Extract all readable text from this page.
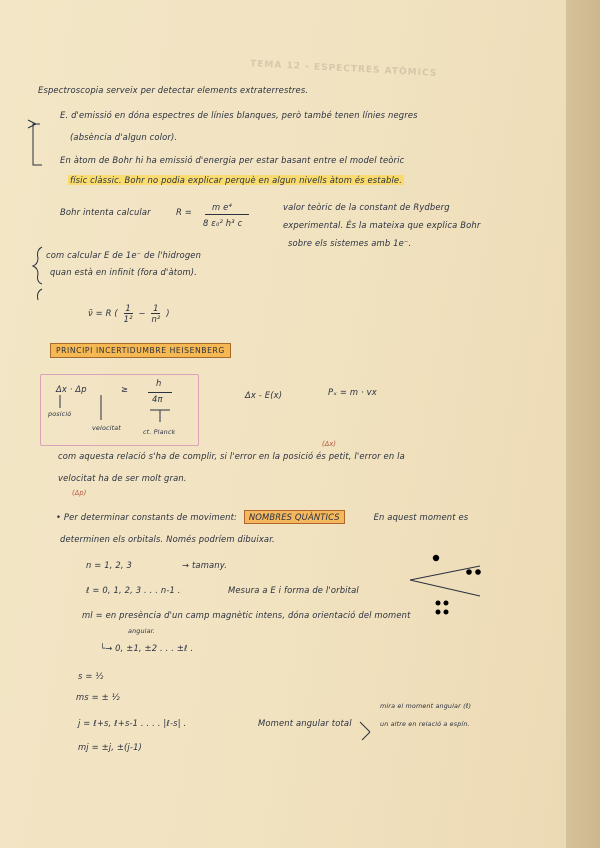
TEMA 12 - ESPECTRES ATÒMICS
Espectroscopia serveix per detectar elements extraterrestres.
E. d'emissió en dóna espectres de línies blanques, però també tenen línies negres
(absència d'algun color).
En àtom de Bohr hi ha emissió d'energia per estar basant entre el model teòric
físic clàssic. Bohr no podia explicar perquè en algun nivells àtom és estable.
Bohr intenta calcular	R = m e⁴
8 ε₀² h³ c
valor teòric de la constant de Rydberg
experimental. És la mateixa que explica Bohr
sobre els sistemes amb 1e⁻.
com calcular E de 1e⁻ de l'hidrogen
quan està en infinit (fora d'àtom).
ν̃ = R ( $\frac{1}{\text{1²}} - \frac{1}{\text{n²}}$ )
PRINCIPI INCERTIDUMBRE HEISENBERG
Δx · Δp	≥
h
4π
posició
velocitat	ct. Planck
Δx - E(x)	Pₓ = m · vx
(Δx)
com aquesta relació s'ha de complir, si l'error en la posició és petit, l'error en la
velocitat ha de ser molt gran.
(Δp)
• Per determinar constants de moviment: NOMBRES QUÀNTICS	En aquest moment es
determinen els orbitals. Només podríem dibuixar.
n = 1, 2, 3	→ tamany.
ℓ = 0, 1, 2, 3 . . . n-1 .	Mesura a E i forma de l'orbital
ml = en presència d'un camp magnètic intens, dóna orientació del moment
angular.
└→ 0, ±1, ±2 . . . ±ℓ .
s = ½
ms = ± ½
mira el moment angular (ℓ)
j = ℓ+s, ℓ+s-1 . . . . |ℓ-s| .	Moment angular total	un altre en relació a espín.
mj = ±j, ±(j-1)
